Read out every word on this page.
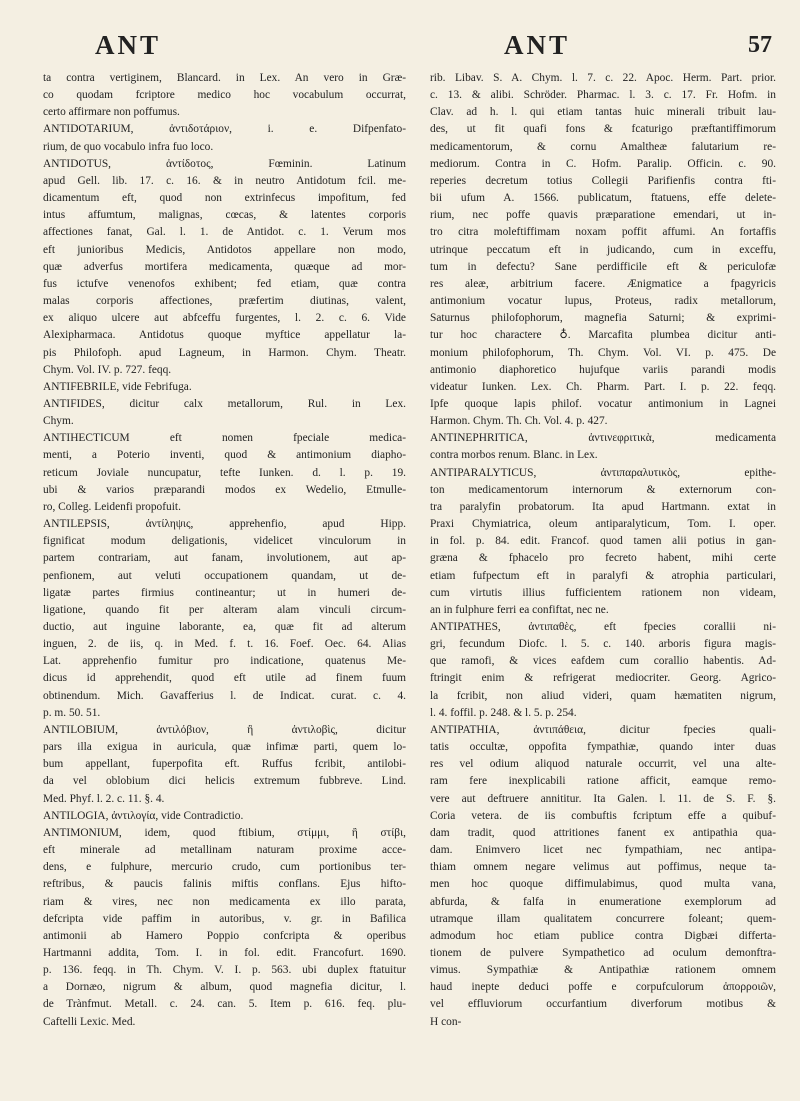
ANT	ANT	57
ta contra vertiginem, Blancard. in Lex. An vero in Græ-
co quodam fcriptore medico hoc vocabulum occurrat,
certo affirmare non poffumus.
ANTIDOTARIUM, ἀντιδοτάριον, i. e. Difpenfato-
rium, de quo vocabulo infra fuo loco.
ANTIDOTUS, ἀντίδοτος, Fœminin. Latinum
apud Gell. lib. 17. c. 16. & in neutro Antidotum fcil. me-
dicamentum eft, quod non extrinfecus impofitum, fed
intus affumtum, malignas, cœcas, & latentes corporis
affectiones fanat, Gal. l. 1. de Antidot. c. 1. Verum mos
eft junioribus Medicis, Antidotos appellare non modo,
quæ adverfus mortifera medicamenta, quæque ad mor-
fus ictufve venenofos exhibent; fed etiam, quæ contra
malas corporis affectiones, præfertim diutinas, valent,
ex aliquo ulcere aut abfceffu furgentes, l. 2. c. 6. Vide
Alexipharmaca. Antidotus quoque myftice appellatur la-
pis Philofoph. apud Lagneum, in Harmon. Chym. Theatr.
Chym. Vol. IV. p. 727. feqq.
ANTIFEBRILE, vide Febrifuga.
ANTIFIDES, dicitur calx metallorum, Rul. in Lex.
Chym.
ANTIHECTICUM eft nomen fpeciale medica-
menti, a Poterio inventi, quod & antimonium diapho-
reticum Joviale nuncupatur, tefte Iunken. d. l. p. 19.
ubi & varios præparandi modos ex Wedelio, Etmulle-
ro, Colleg. Leidenfi propofuit.
ANTILEPSIS, ἀντίληψις, apprehenfio, apud Hipp.
fignificat modum deligationis, videlicet vinculorum in
partem contrariam, aut fanam, involutionem, aut ap-
penfionem, aut veluti occupationem quandam, ut de-
ligatæ partes firmius contineantur; ut in humeri de-
ligatione, quando fit per alteram alam vinculi circum-
ductio, aut inguine laborante, ea, quæ fit ad alterum
inguen, 2. de iis, q. in Med. f. t. 16. Foef. Oec. 64. Alias
Lat. apprehenfio fumitur pro indicatione, quatenus Me-
dicus id apprehendit, quod eft utile ad finem fuum
obtinendum. Mich. Gavafferius l. de Indicat. curat. c. 4.
p. m. 50. 51.
ANTILOBIUM, ἀντιλόβιον, ἢ ἀντιλοβὶς, dicitur
pars illa exigua in auricula, quæ infimæ parti, quem lo-
bum appellant, fuperpofita eft. Ruffus fcribit, antilobi-
da vel oblobium dici helicis extremum fubbreve. Lind.
Med. Phyf. l. 2. c. 11. §. 4.
ANTILOGIA, ἀντιλογία, vide Contradictio.
ANTIMONIUM, idem, quod ftibium, στίμμι, ἢ στίβι,
eft minerale ad metallinam naturam proxime acce-
dens, e fulphure, mercurio crudo, cum portionibus ter-
reftribus, & paucis falinis miftis conflans. Ejus hifto-
riam & vires, nec non medicamenta ex illo parata,
defcripta vide paffim in autoribus, v. gr. in Bafilica
antimonii ab Hamero Poppio confcripta & operibus
Hartmanni addita, Tom. I. in fol. edit. Francofurt. 1690.
p. 136. feqq. in Th. Chym. V. I. p. 563. ubi duplex ftatuitur
a Dornæo, nigrum & album, quod magnefia dicitur, l.
de Trànfmut. Metall. c. 24. can. 5. Item p. 616. feq. plu-
Caftelli Lexic. Med.
rib. Libav. S. A. Chym. l. 7. c. 22. Apoc. Herm. Part. prior.
c. 13. & alibi. Schröder. Pharmac. l. 3. c. 17. Fr. Hofm. in
Clav. ad h. l. qui etiam tantas huic minerali tribuit lau-
des, ut fit quafi fons & fcaturigo præftantiffimorum
medicamentorum, & cornu Amaltheæ falutarium re-
mediorum. Contra in C. Hofm. Paralip. Officin. c. 90.
reperies decretum totius Collegii Parifienfis contra fti-
bii ufum A. 1566. publicatum, ftatuens, effe delete-
rium, nec poffe quavis præparatione emendari, ut in-
tro citra moleftiffimam noxam poffit affumi. An fortaffis
utrinque peccatum eft in judicando, cum in exceffu,
tum in defectu? Sane perdifficile eft & periculofæ
res aleæ, arbitrium facere. Ænigmatice a fpagyricis
antimonium vocatur lupus, Proteus, radix metallorum,
Saturnus philofophorum, magnefia Saturni; & exprimi-
tur hoc charactere ♁. Marcafita plumbea dicitur anti-
monium philofophorum, Th. Chym. Vol. VI. p. 475. De
antimonio diaphoretico hujufque variis parandi modis
videatur Iunken. Lex. Ch. Pharm. Part. I. p. 22. feqq.
Ipfe quoque lapis philof. vocatur antimonium in Lagnei
Harmon. Chym. Th. Ch. Vol. 4. p. 427.
ANTINEPHRITICA, ἀντινεφριτικὰ, medicamenta
contra morbos renum. Blanc. in Lex.
ANTIPARALYTICUS, ἀντιπαραλυτικὸς, epithe-
ton medicamentorum internorum & externorum con-
tra paralyfin probatorum. Ita apud Hartmann. extat in
Praxi Chymiatrica, oleum antiparalyticum, Tom. I. oper.
in fol. p. 84. edit. Francof. quod tamen alii potius in gan-
græna & fphacelo pro fecreto habent, mihi certe
etiam fufpectum eft in paralyfi & atrophia particulari,
cum virtutis illius fufficientem rationem non videam,
an in fulphure ferri ea confiftat, nec ne.
ANTIPATHES, ἀντιπαθὲς, eft fpecies corallii ni-
gri, fecundum Diofc. l. 5. c. 140. arboris figura magis-
que ramofi, & vices eafdem cum corallio habentis. Ad-
ftringit enim & refrigerat mediocriter. Georg. Agrico-
la fcribit, non aliud videri, quam hæmatiten nigrum,
l. 4. foffil. p. 248. & l. 5. p. 254.
ANTIPATHIA, ἀντιπάθεια, dicitur fpecies quali-
tatis occultæ, oppofita fympathiæ, quando inter duas
res vel odium aliquod naturale occurrit, vel una alte-
ram fere inexplicabili ratione afficit, eamque remo-
vere aut deftruere annititur. Ita Galen. l. 11. de S. F. §.
Coria vetera. de iis combuftis fcriptum effe a quibuf-
dam tradit, quod attritiones fanent ex antipathia qua-
dam. Enimvero licet nec fympathiam, nec antipa-
thiam omnem negare velimus aut poffimus, neque ta-
men hoc quoque diffimulabimus, quod multa vana,
abfurda, & falfa in enumeratione exemplorum ad
utramque illam qualitatem concurrere foleant; quem-
admodum hoc etiam publice contra Digbæi differta-
tionem de pulvere Sympathetico ad oculum demonftra-
vimus. Sympathiæ & Antipathiæ rationem omnem
haud inepte deduci poffe e corpufculorum ἀπορροιῶν,
vel effluviorum occurfantium diverforum motibus &
H con-
